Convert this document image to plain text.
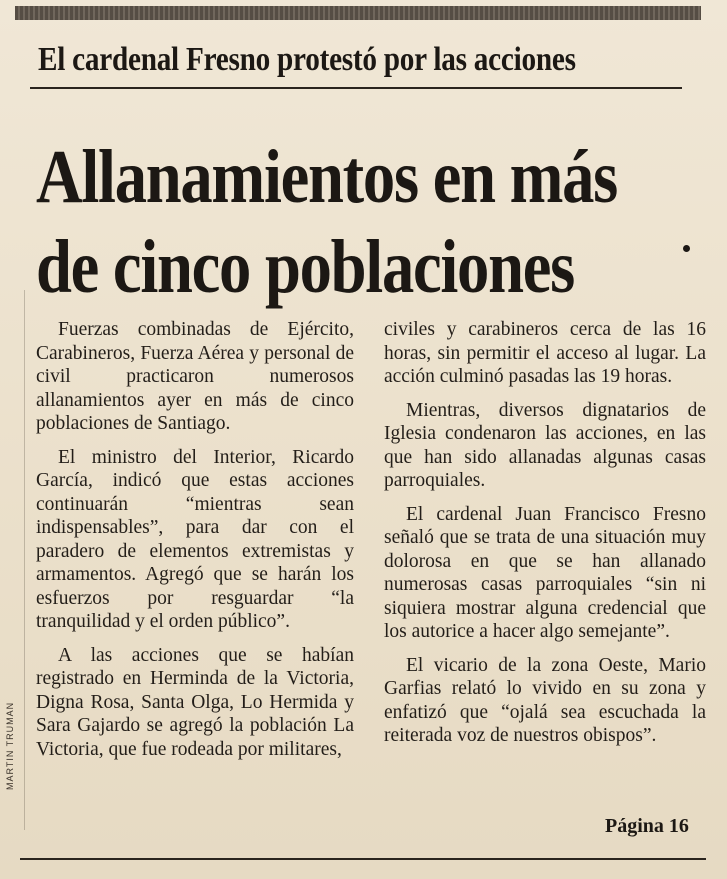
El cardenal Fresno protestó por las acciones
Allanamientos en más
de cinco poblaciones

Fuerzas combinadas de Ejército, Carabineros, Fuerza Aérea y personal de civil practicaron numerosos allanamientos ayer en más de cinco poblaciones de Santiago.

El ministro del Interior, Ricardo García, indicó que estas acciones continuarán “mientras sean indispensables”, para dar con el paradero de elementos extremistas y armamentos. Agregó que se harán los esfuerzos por resguardar “la tranquilidad y el orden público”.

A las acciones que se habían registrado en Herminda de la Victoria, Digna Rosa, Santa Olga, Lo Hermida y Sara Gajardo se agregó la población La Victoria, que fue rodeada por militares,

civiles y carabineros cerca de las 16 horas, sin permitir el acceso al lugar. La acción culminó pasadas las 19 horas.

Mientras, diversos dignatarios de Iglesia condenaron las acciones, en las que han sido allanadas algunas casas parroquiales.

El cardenal Juan Francisco Fresno señaló que se trata de una situación muy dolorosa en que se han allanado numerosas casas parroquiales “sin ni siquiera mostrar alguna credencial que los autorice a hacer algo semejante”.

El vicario de la zona Oeste, Mario Garfias relató lo vivido en su zona y enfatizó que “ojalá sea escuchada la reiterada voz de nuestros obispos”.

MARTIN TRUMAN
Página 16
